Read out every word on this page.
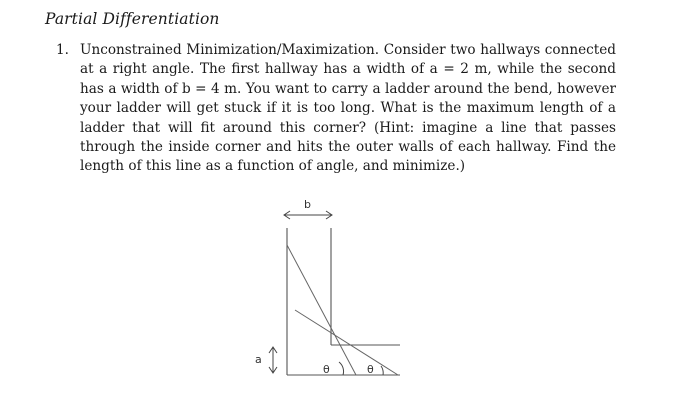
Partial Differentiation
1. Unconstrained Minimization/Maximization. Consider two hallways connected at a right angle. The first hallway has a width of a = 2 m, while the second has a width of b = 4 m. You want to carry a ladder around the bend, however your ladder will get stuck if it is too long. What is the maximum length of a ladder that will fit around this corner? (Hint: imagine a line that passes through the inside corner and hits the outer walls of each hallway. Find the length of this line as a function of angle, and minimize.)
b
a
θ	θ
